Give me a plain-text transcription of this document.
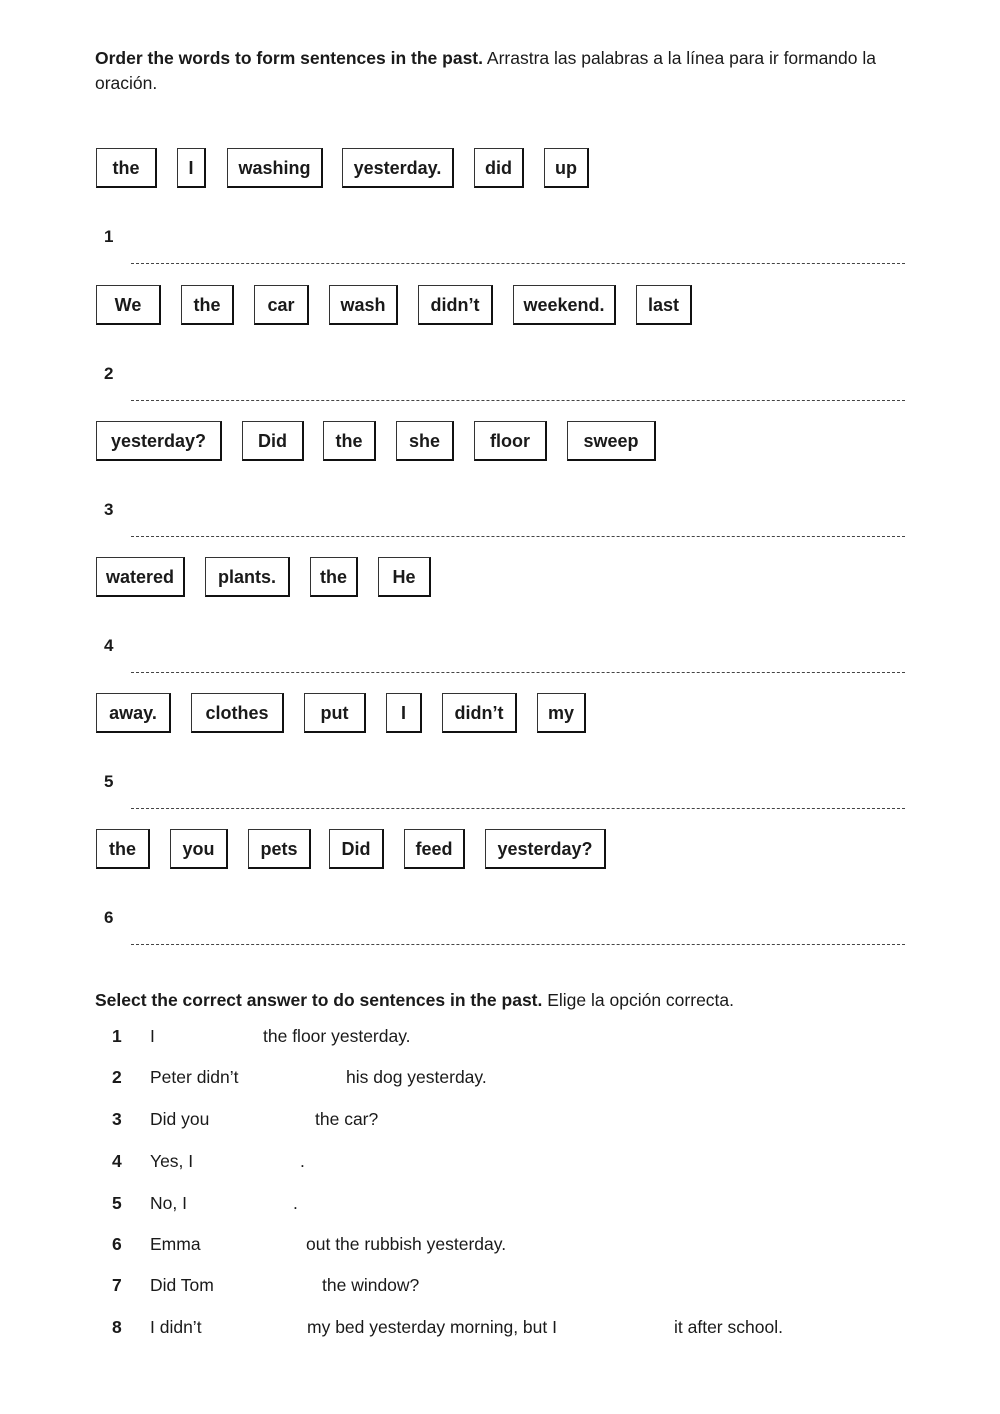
Order the words to form sentences in the past. Arrastra las palabras a la línea para ir formando la oración.
the	I	washing	yesterday.	did	up
1
We	the	car	wash	didn’t	weekend.	last
2
yesterday?	Did	the	she	floor	sweep
3
watered	plants.	the	He
4
away.	clothes	put	I	didn’t	my
5
the	you	pets	Did	feed	yesterday?
6
Select the correct answer to do sentences in the past. Elige la opción correcta.
1 I	the floor yesterday.
2 Peter didn’t	his dog yesterday.
3 Did you	the car?
4 Yes, I	.
5 No, I	.
6 Emma	out the rubbish yesterday.
7 Did Tom	the window?
8 I didn’t	my bed yesterday morning, but I	it after school.
